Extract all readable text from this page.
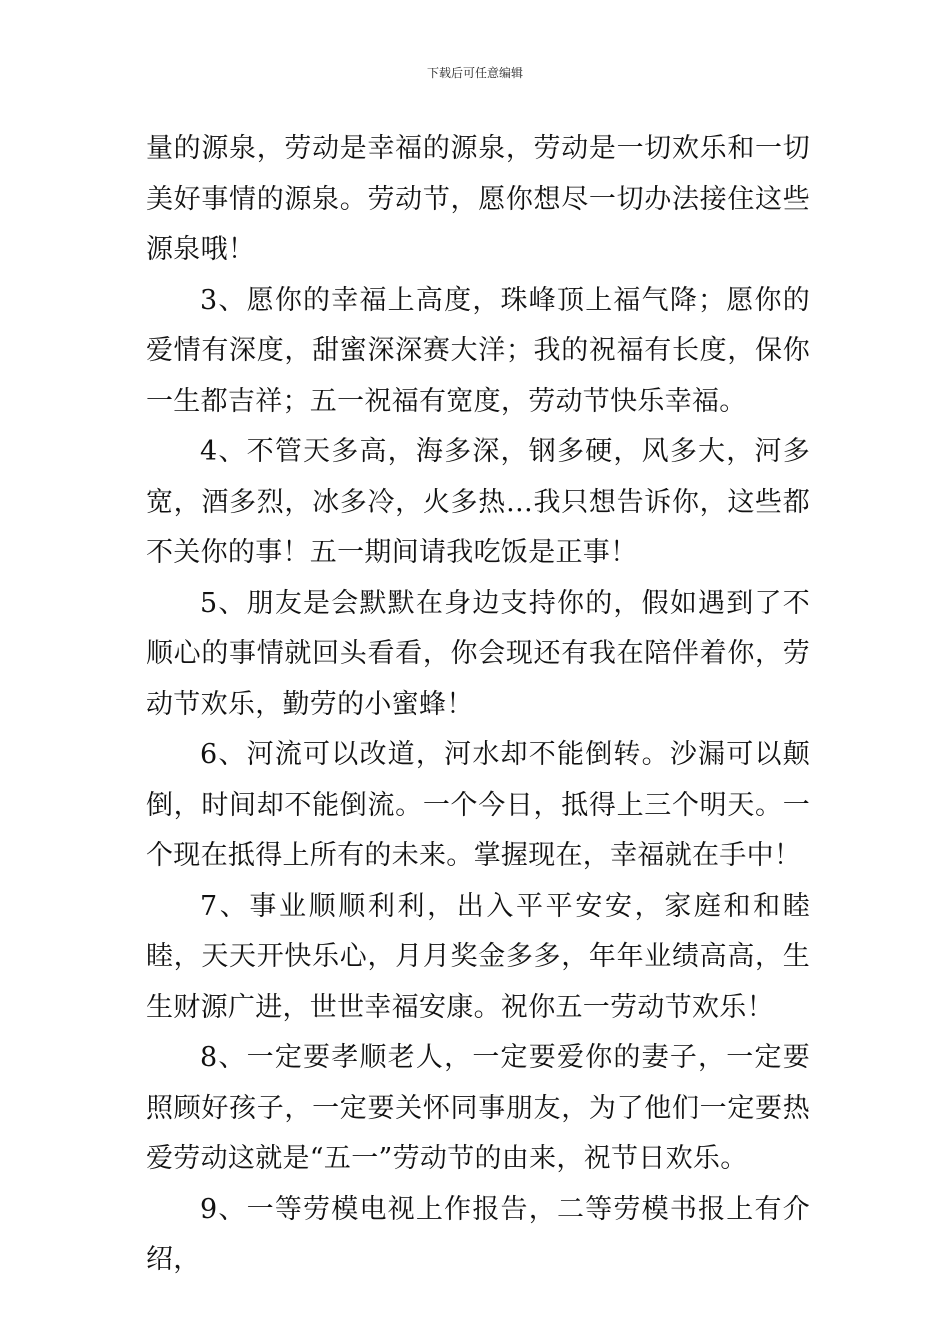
下载后可任意编辑

量的源泉，劳动是幸福的源泉，劳动是一切欢乐和一切美好事情的源泉。劳动节，愿你想尽一切办法接住这些源泉哦！

3、愿你的幸福上高度，珠峰顶上福气降；愿你的爱情有深度，甜蜜深深赛大洋；我的祝福有长度，保你一生都吉祥；五一祝福有宽度，劳动节快乐幸福。

4、不管天多高，海多深，钢多硬，风多大，河多宽，酒多烈，冰多冷，火多热…我只想告诉你，这些都不关你的事！五一期间请我吃饭是正事！

5、朋友是会默默在身边支持你的，假如遇到了不顺心的事情就回头看看，你会现还有我在陪伴着你，劳动节欢乐，勤劳的小蜜蜂！

6、河流可以改道，河水却不能倒转。沙漏可以颠倒，时间却不能倒流。一个今日，抵得上三个明天。一个现在抵得上所有的未来。掌握现在，幸福就在手中！

7、事业顺顺利利，出入平平安安，家庭和和睦睦，天天开快乐心，月月奖金多多，年年业绩高高，生生财源广进，世世幸福安康。祝你五一劳动节欢乐！

8、一定要孝顺老人，一定要爱你的妻子，一定要照顾好孩子，一定要关怀同事朋友，为了他们一定要热爱劳动这就是“五一”劳动节的由来，祝节日欢乐。

9、一等劳模电视上作报告，二等劳模书报上有介绍，
